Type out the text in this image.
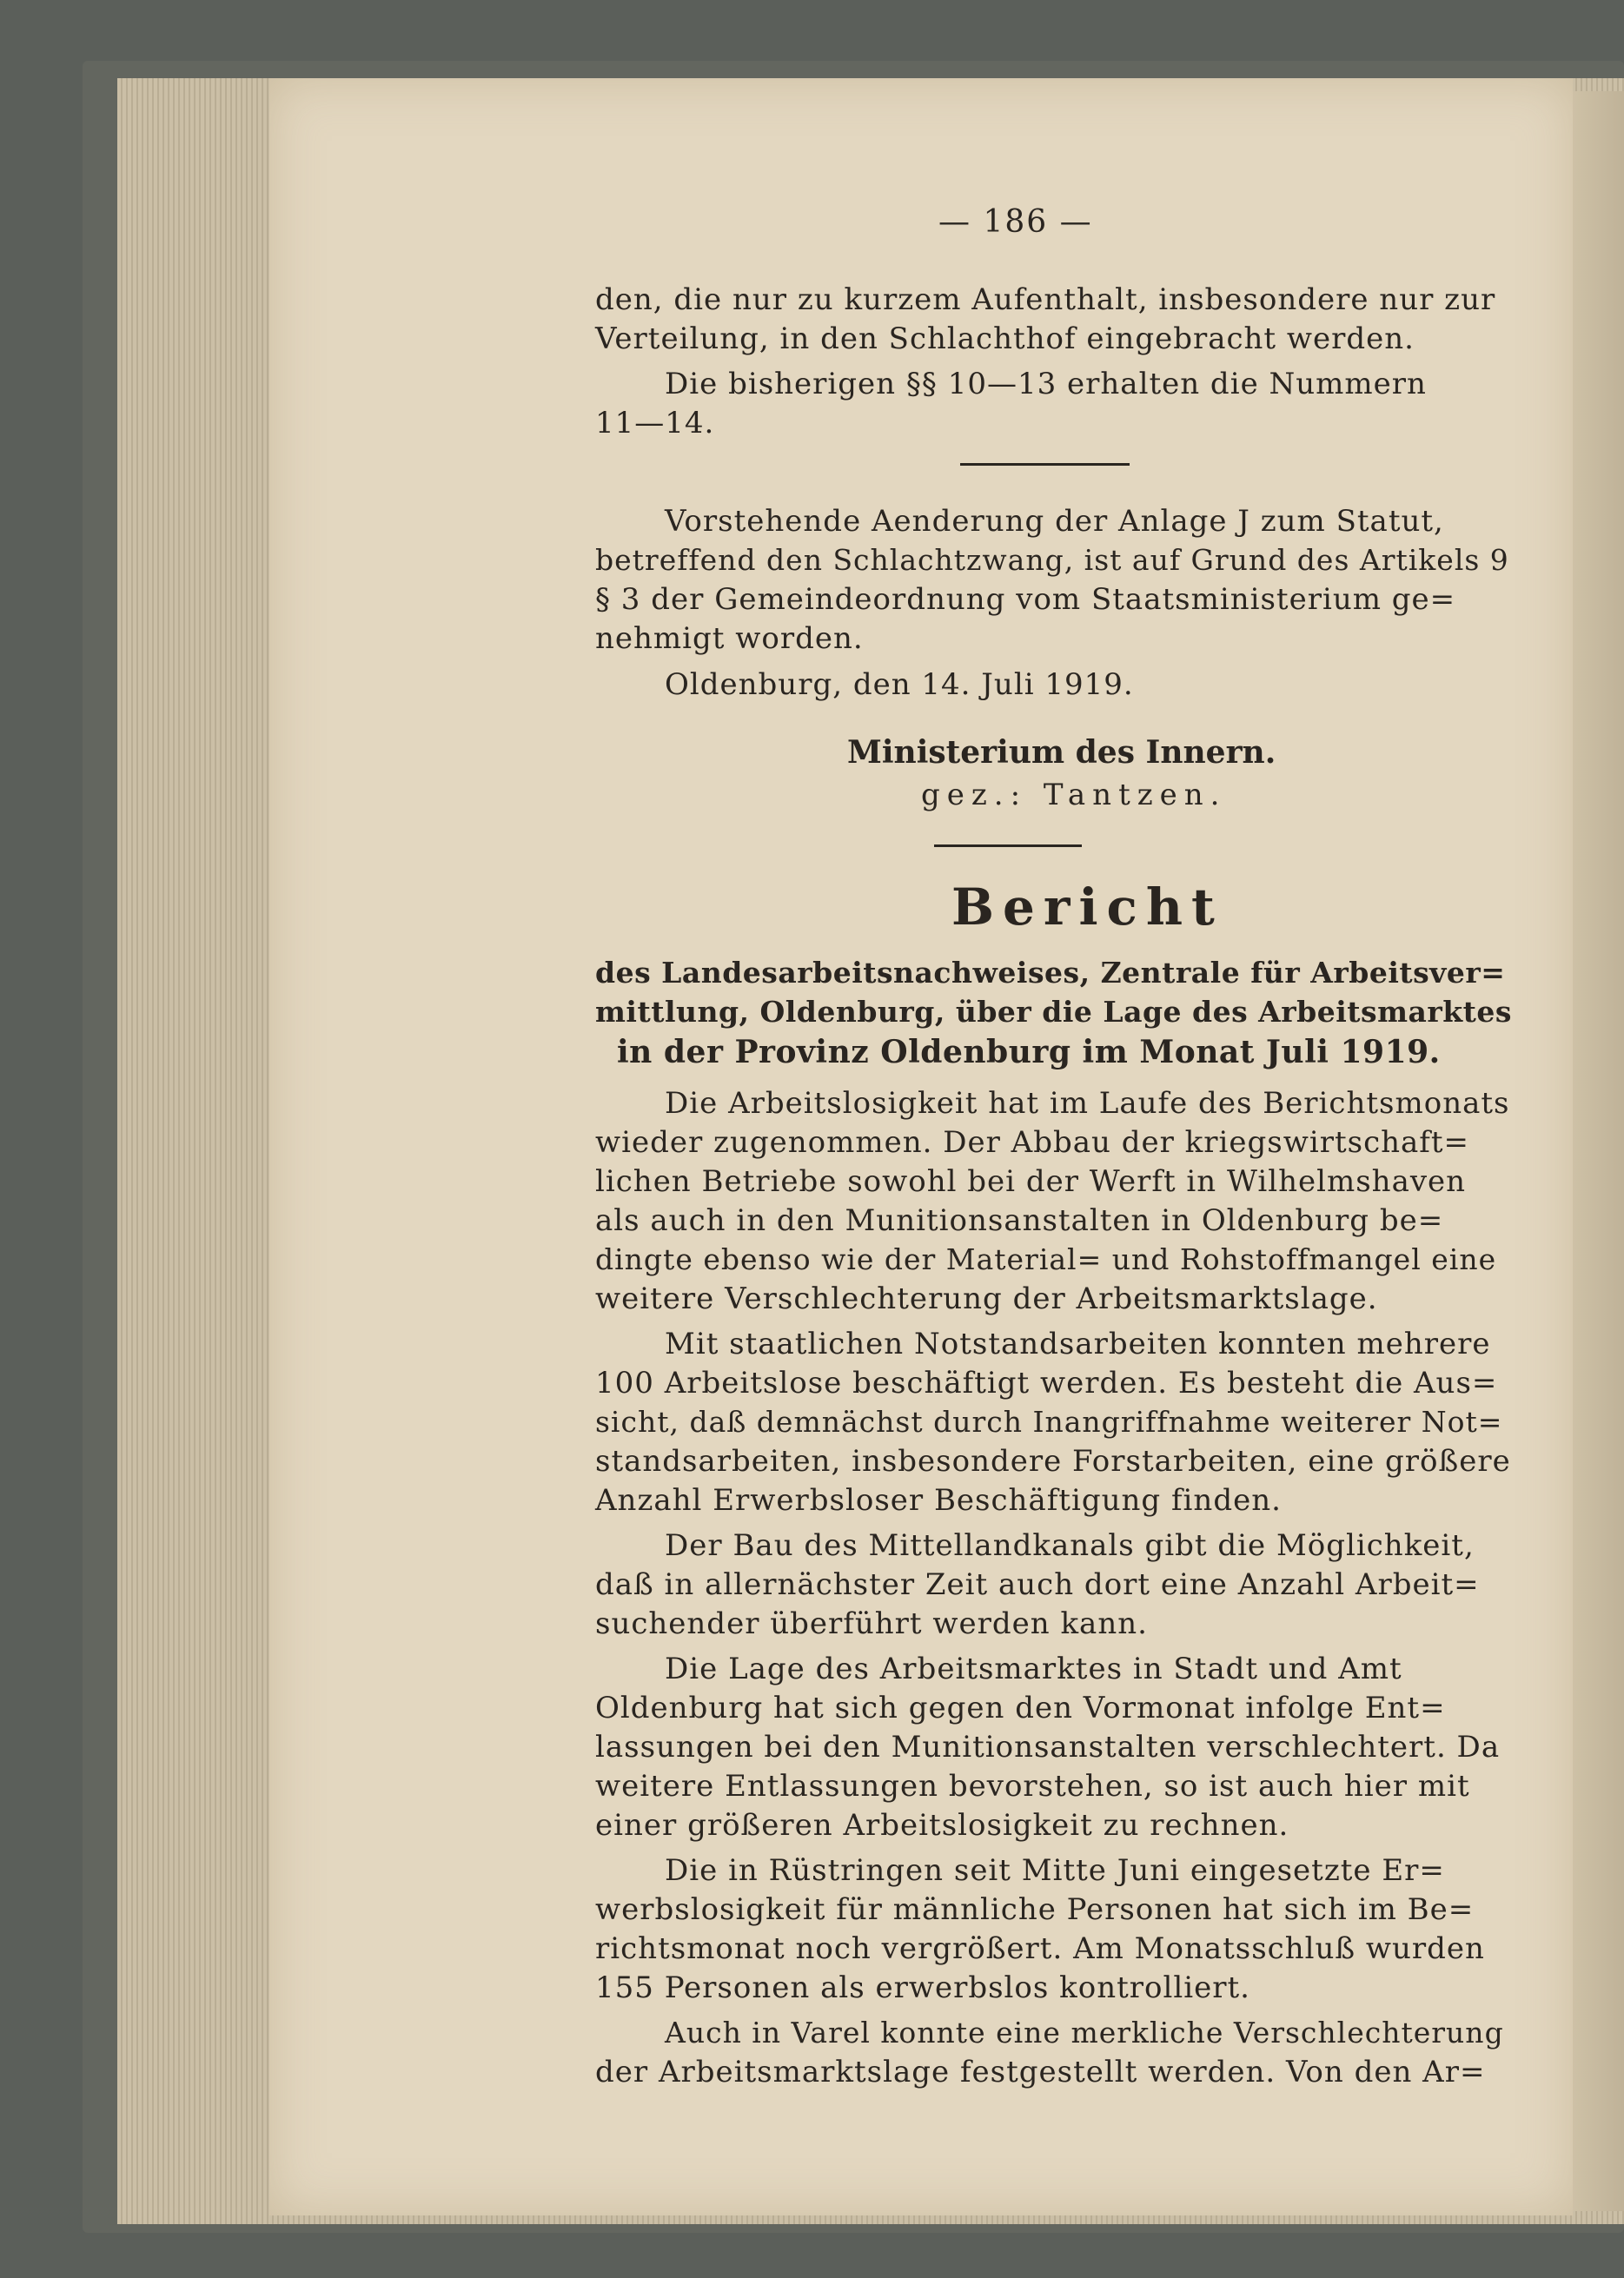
— 186 —
den, die nur zu kurzem Aufenthalt, insbesondere nur zur
Verteilung, in den Schlachthof eingebracht werden.
Die bisherigen §§ 10—13 erhalten die Nummern
11—14.
Vorstehende Aenderung der Anlage J zum Statut,
betreffend den Schlachtzwang, ist auf Grund des Artikels 9
§ 3 der Gemeindeordnung vom Staatsministerium ge=
nehmigt worden.
Oldenburg, den 14. Juli 1919.
Ministerium des Innern.
gez.: Tantzen.
Bericht
des Landesarbeitsnachweises, Zentrale für Arbeitsver=
mittlung, Oldenburg, über die Lage des Arbeitsmarktes
in der Provinz Oldenburg im Monat Juli 1919.
Die Arbeitslosigkeit hat im Laufe des Berichtsmonats
wieder zugenommen. Der Abbau der kriegswirtschaft=
lichen Betriebe sowohl bei der Werft in Wilhelmshaven
als auch in den Munitionsanstalten in Oldenburg be=
dingte ebenso wie der Material= und Rohstoffmangel eine
weitere Verschlechterung der Arbeitsmarktslage.
Mit staatlichen Notstandsarbeiten konnten mehrere
100 Arbeitslose beschäftigt werden. Es besteht die Aus=
sicht, daß demnächst durch Inangriffnahme weiterer Not=
standsarbeiten, insbesondere Forstarbeiten, eine größere
Anzahl Erwerbsloser Beschäftigung finden.
Der Bau des Mittellandkanals gibt die Möglichkeit,
daß in allernächster Zeit auch dort eine Anzahl Arbeit=
suchender überführt werden kann.
Die Lage des Arbeitsmarktes in Stadt und Amt
Oldenburg hat sich gegen den Vormonat infolge Ent=
lassungen bei den Munitionsanstalten verschlechtert. Da
weitere Entlassungen bevorstehen, so ist auch hier mit
einer größeren Arbeitslosigkeit zu rechnen.
Die in Rüstringen seit Mitte Juni eingesetzte Er=
werbslosigkeit für männliche Personen hat sich im Be=
richtsmonat noch vergrößert. Am Monatsschluß wurden
155 Personen als erwerbslos kontrolliert.
Auch in Varel konnte eine merkliche Verschlechterung
der Arbeitsmarktslage festgestellt werden. Von den Ar=
